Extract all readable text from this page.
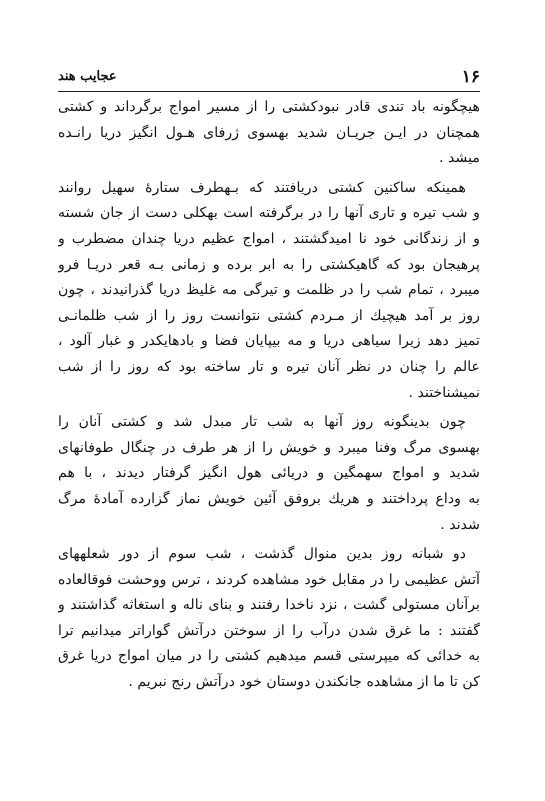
۱۶
عجایب هند
هیچگونه باد تندی قادر نبودکشتی را از مسیر امواج برگرداند و کشتی
همچنان در ایـن جریـان شدید بهسوی ژرفای هـول انگیز دریا رانـده
میشد .
همینکه ساکنین کشتی دریافتند که بـهطرف ستارهٔ سهیل روانند
و شب تیره و تاری آنها را در برگرفته است بهکلی دست از جان شسته
و از زندگانی خود نا امیدگشتند ، امواج عظیم دریا چندان مضطرب و
پرهیجان بود که گاهیکشتی را به ابر برده و زمانی بـه قعر دریـا فرو
میبرد ، تمام شب را در ظلمت و تیرگی مه غلیظ دریا گذرانیدند ، چون
روز بر آمد هیچیك از مـردم کشتی نتوانست روز را از شب ظلمانـی
تمیز دهد زیرا سیاهی دریا و مه بیپایان فضا و بادهایکدر و غبار آلود ،
عالم را چنان در نظر آنان تیره و تار ساخته بود که روز را از شب
نمیشناختند .
چون بدینگونه روز آنها به شب تار مبدل شد و کشتی آنان را
بهسوی مرگ وفنا میبرد و خویش را از هر طرف در چنگال طوفانهای
شدید و امواج سهمگین و دریائی هول انگیز گرفتار دیدند ، با هم
به وداع پرداختند و هریك بروفق آئین خویش نماز گزارده آمادهٔ مرگ
شدند .
دو شبانه روز بدین منوال گذشت ، شب سوم از دور شعلههای
آتش عظیمی را در مقابل خود مشاهده کردند ، ترس ووحشت فوقالعاده
برآنان مستولی گشت ، نزد ناخدا رفتند و بنای ناله و استغاثه گذاشتند و
گفتند : ما غرق شدن درآب را از سوختن درآتش گواراتر میدانیم ترا
به خدائی که میپرستی قسم میدهیم کشتی را در میان امواج دریا غرق
کن تا ما از مشاهده جانکندن دوستان خود درآتش رنج نبریم .
